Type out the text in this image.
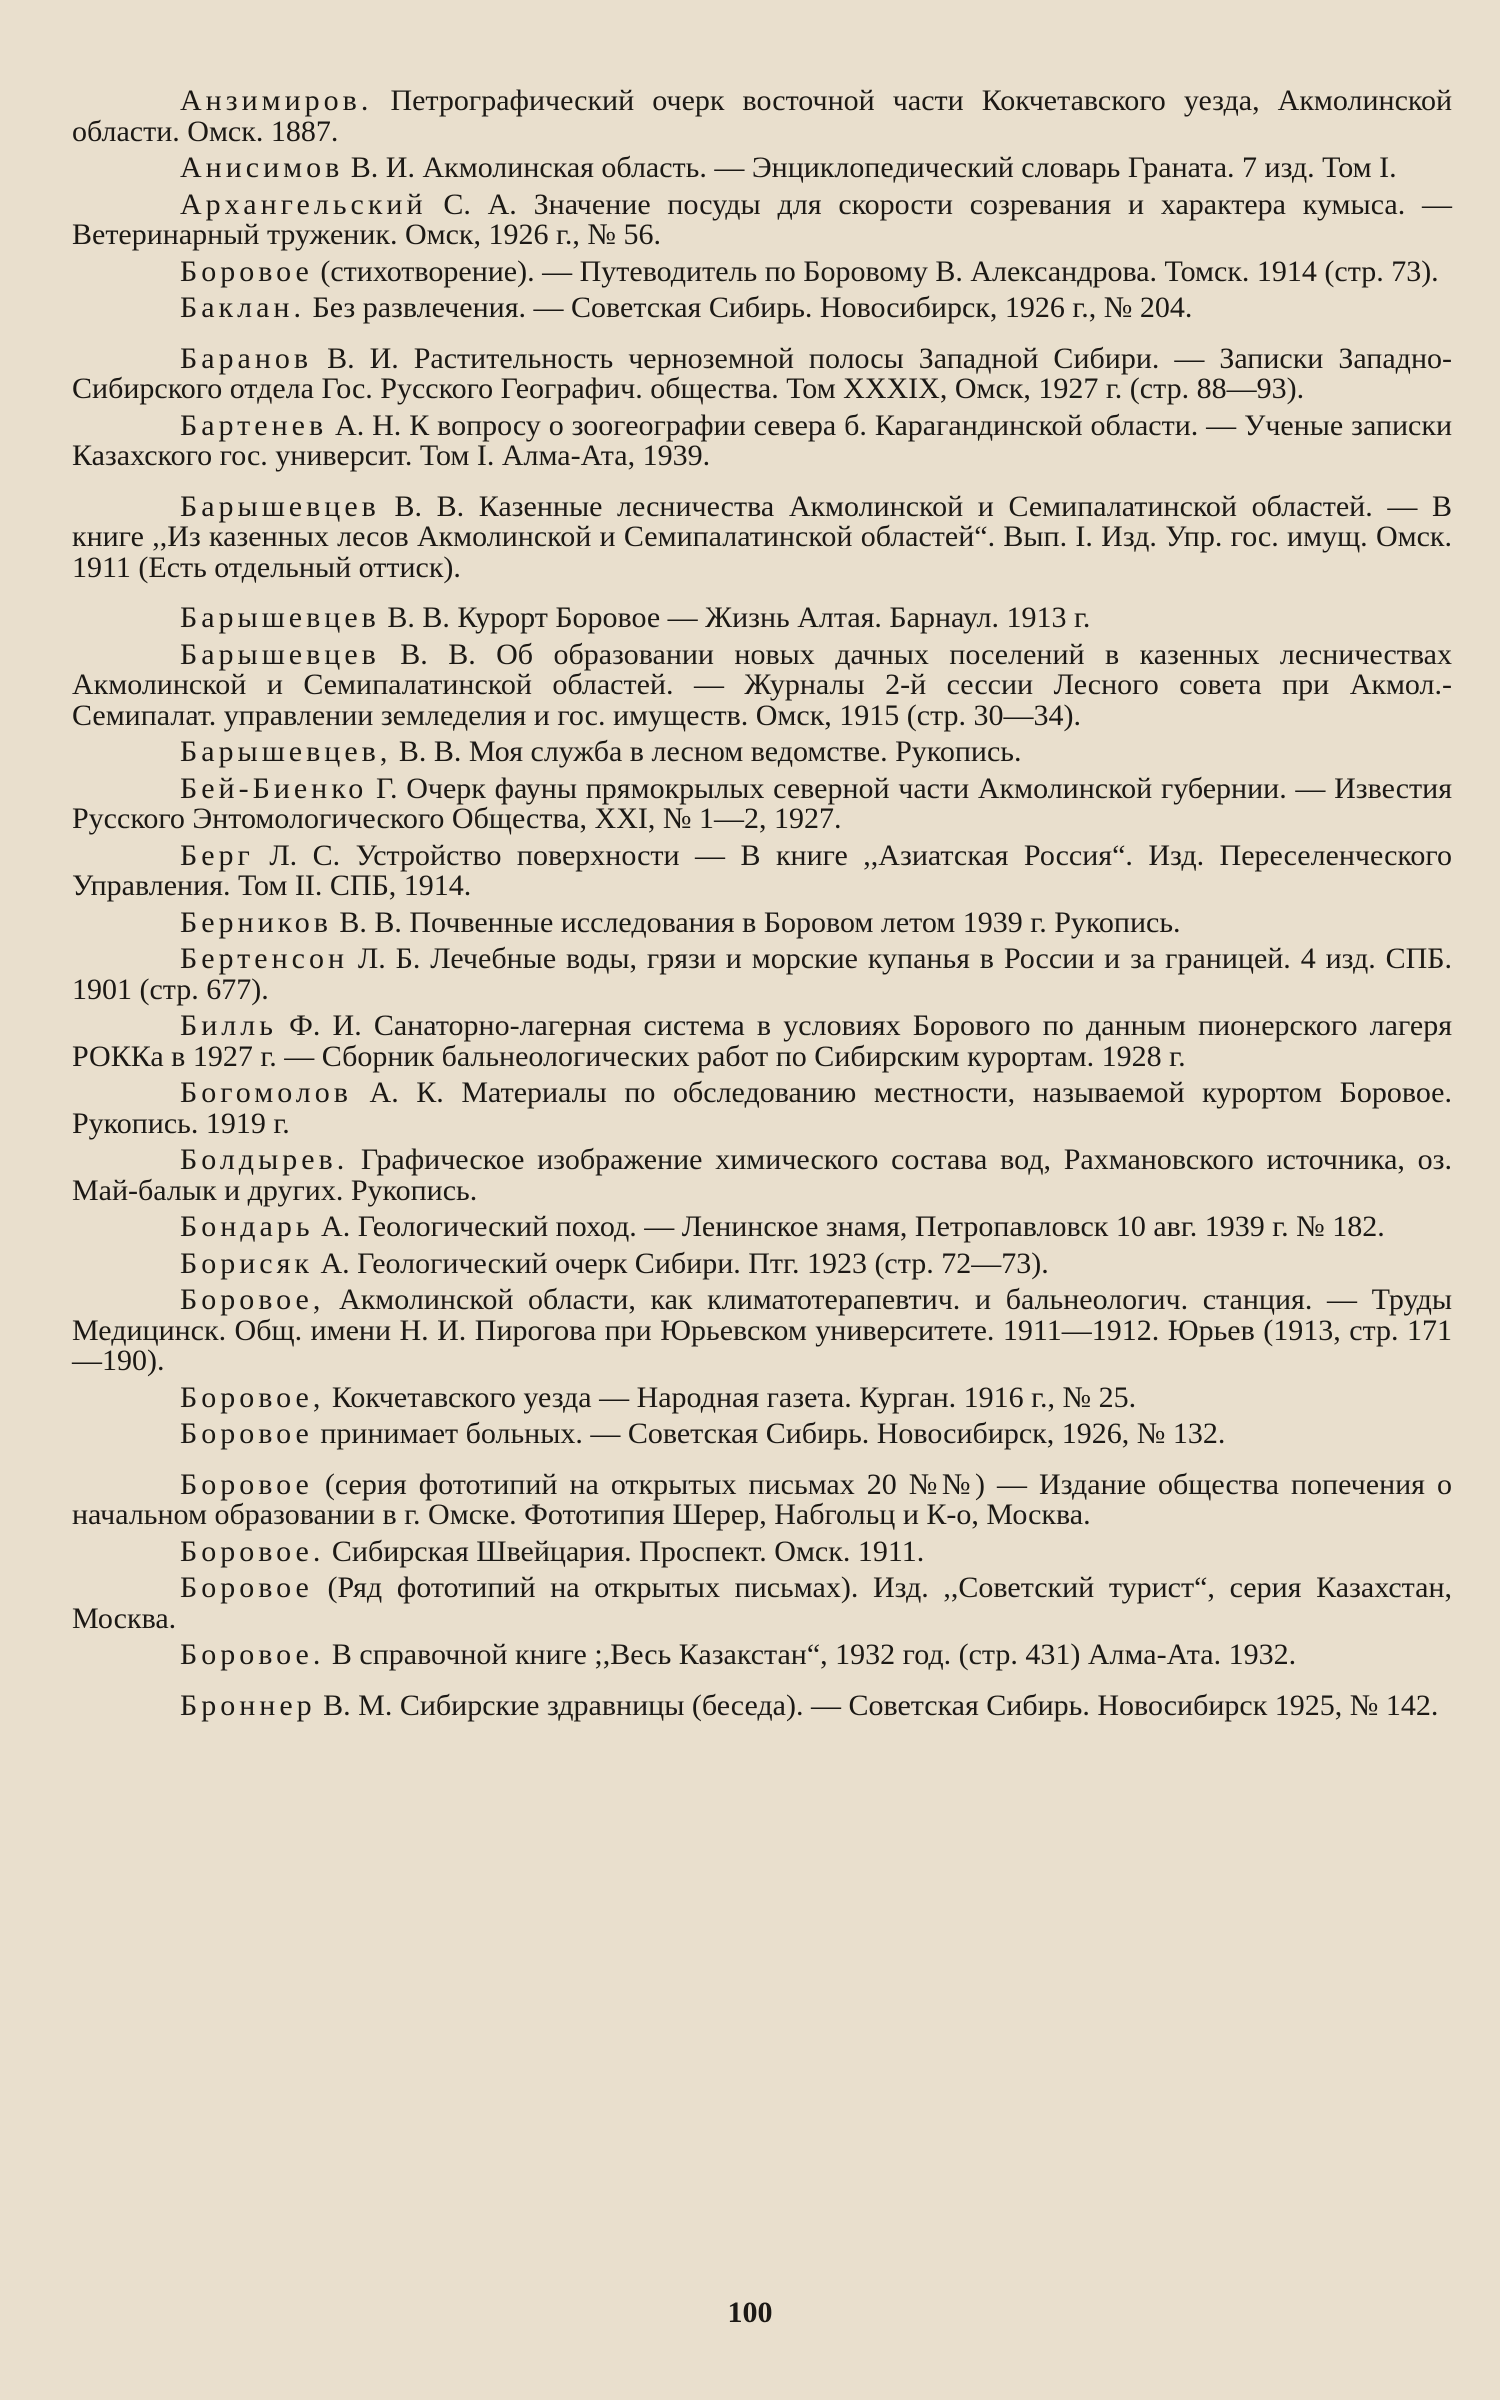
Анзимиров. Петрографический очерк восточной части Кокчетавского уезда, Акмолинской области. Омск. 1887.

Анисимов В. И. Акмолинская область. — Энциклопедический словарь Граната. 7 изд. Том I.

Архангельский С. А. Значение посуды для скорости созревания и характера кумыса. — Ветеринарный труженик. Омск, 1926 г., № 56.

Боровое (стихотворение). — Путеводитель по Боровому В. Александрова. Томск. 1914 (стр. 73).

Баклан. Без развлечения. — Советская Сибирь. Новосибирск, 1926 г., № 204.

Баранов В. И. Растительность черноземной полосы Западной Сибири. — Записки Западно-Сибирского отдела Гос. Русского Географич. общества. Том XXXIX, Омск, 1927 г. (стр. 88—93).

Бартенев А. Н. К вопросу о зоогеографии севера б. Карагандинской области. — Ученые записки Казахского гос. университ. Том I. Алма-Ата, 1939.

Барышевцев В. В. Казенные лесничества Акмолинской и Семипалатинской областей. — В книге ,,Из казенных лесов Акмолинской и Семипалатинской областей“. Вып. I. Изд. Упр. гос. имущ. Омск. 1911 (Есть отдельный оттиск).

Барышевцев В. В. Курорт Боровое — Жизнь Алтая. Барнаул. 1913 г.

Барышевцев В. В. Об образовании новых дачных поселений в казенных лесничествах Акмолинской и Семипалатинской областей. — Журналы 2-й сессии Лесного совета при Акмол.-Семипалат. управлении земледелия и гос. имуществ. Омск, 1915 (стр. 30—34).

Барышевцев, В. В. Моя служба в лесном ведомстве. Рукопись.

Бей-Биенко Г. Очерк фауны прямокрылых северной части Акмолинской губернии. — Известия Русского Энтомологического Общества, XXI, № 1—2, 1927.

Берг Л. С. Устройство поверхности — В книге ,,Азиатская Россия“. Изд. Переселенческого Управления. Том II. СПБ, 1914.

Берников В. В. Почвенные исследования в Боровом летом 1939 г. Рукопись.

Бертенсон Л. Б. Лечебные воды, грязи и морские купанья в России и за границей. 4 изд. СПБ. 1901 (стр. 677).

Билль Ф. И. Санаторно-лагерная система в условиях Борового по данным пионерского лагеря РОККа в 1927 г. — Сборник бальнеологических работ по Сибирским курортам. 1928 г.

Богомолов А. К. Материалы по обследованию местности, называемой курортом Боровое. Рукопись. 1919 г.

Болдырев. Графическое изображение химического состава вод, Рахмановского источника, оз. Май-балык и других. Рукопись.

Бондарь А. Геологический поход. — Ленинское знамя, Петропавловск 10 авг. 1939 г. № 182.

Борисяк А. Геологический очерк Сибири. Птг. 1923 (стр. 72—73).

Боровое, Акмолинской области, как климатотерапевтич. и бальнеологич. станция. — Труды Медицинск. Общ. имени Н. И. Пирогова при Юрьевском университете. 1911—1912. Юрьев (1913, стр. 171—190).

Боровое, Кокчетавского уезда — Народная газета. Курган. 1916 г., № 25.

Боровое принимает больных. — Советская Сибирь. Новосибирск, 1926, № 132.

Боровое (серия фототипий на открытых письмах 20 №№) — Издание общества попечения о начальном образовании в г. Омске. Фототипия Шерер, Набгольц и К-о, Москва.

Боровое. Сибирская Швейцария. Проспект. Омск. 1911.

Боровое (Ряд фототипий на открытых письмах). Изд. ,,Советский турист“, серия Казахстан, Москва.

Боровое. В справочной книге ;,Весь Казакстан“, 1932 год. (стр. 431) Алма-Ата. 1932.

Броннер В. М. Сибирские здравницы (беседа). — Советская Сибирь. Новосибирск 1925, № 142.

100
